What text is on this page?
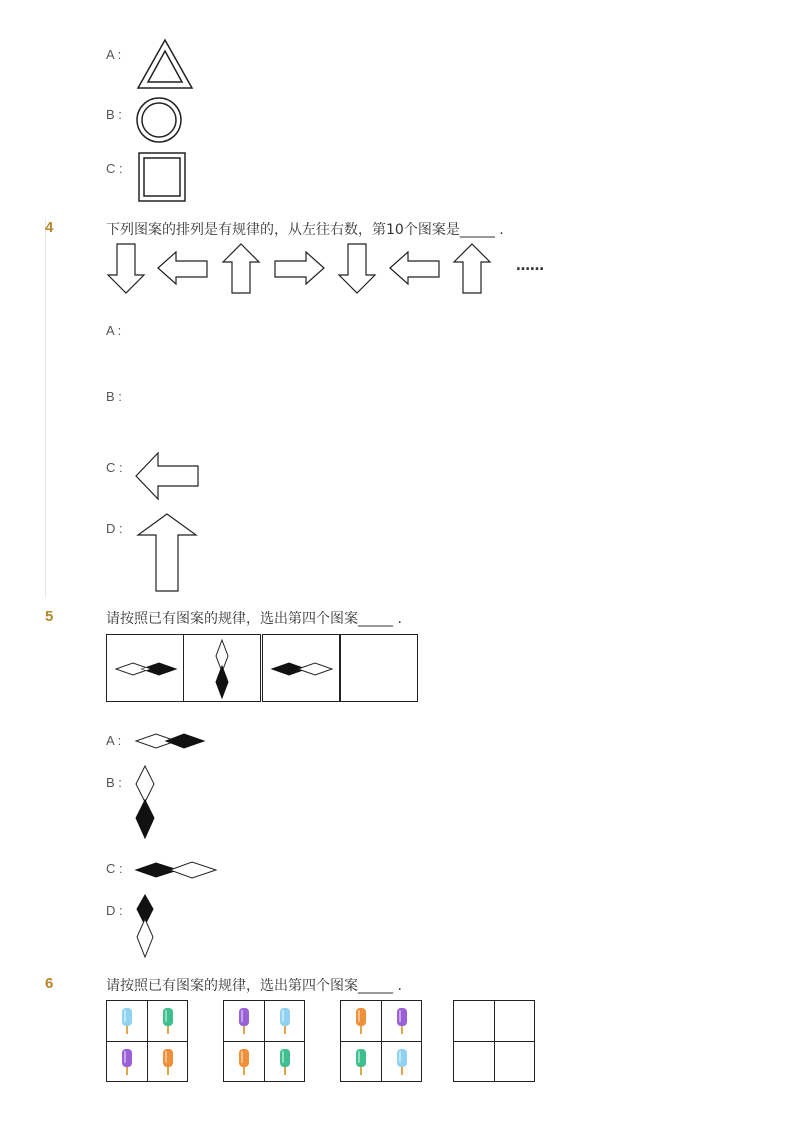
A :
B :
C :
4	下列图案的排列是有规律的，从左往右数，第10个图案是_____ .
……
A :
B :
C :
D :
5	请按照已有图案的规律，选出第四个图案_____ .
A :
B :
C :
D :
6	请按照已有图案的规律，选出第四个图案_____ .
